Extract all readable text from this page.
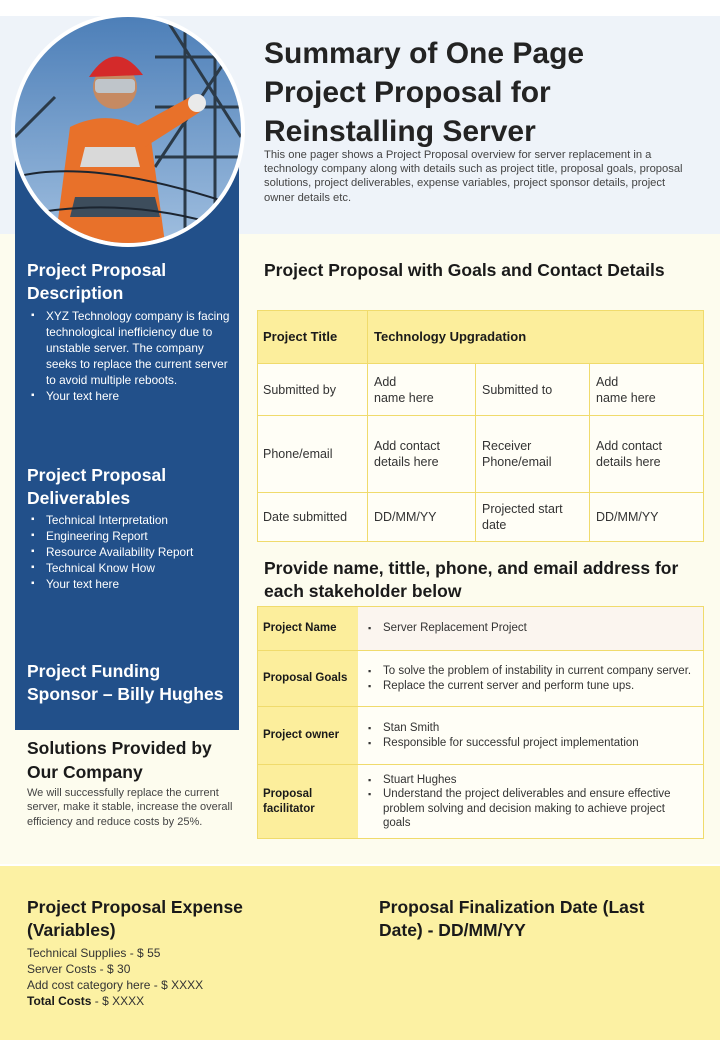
Summary of One Page Project Proposal for Reinstalling Server
This one pager shows a Project Proposal overview for server replacement in a technology company along with details such as project title, proposal goals, proposal solutions, project deliverables, expense variables, project sponsor details, project owner details etc.
Project Proposal Description
▪ XYZ Technology company is facing technological inefficiency due to unstable server. The company seeks to replace the current server to avoid multiple reboots.
▪ Your text here
Project Proposal Deliverables
▪ Technical Interpretation
▪ Engineering Report
▪ Resource Availability Report
▪ Technical Know How
▪ Your text here
Project Funding Sponsor – Billy Hughes
Solutions Provided by Our Company
We will successfully replace the current server, make it stable, increase the overall efficiency and reduce costs by 25%.
Project Proposal with Goals and Contact Details
Project Title	Technology Upgradation
Submitted by
Add
name here
Submitted to
Add
name here
Phone/email
Add contact details here
Receiver Phone/email
Add contact details here
Date submitted	DD/MM/YY
Projected start date
DD/MM/YY
Provide name, tittle, phone, and email address for each stakeholder below
Project Name
▪	Server Replacement Project
Proposal Goals
▪ To solve the problem of instability in current company server.
▪ Replace the current server and perform tune ups.
Project owner
▪ Stan Smith
▪ Responsible for successful project implementation
Proposal facilitator
▪ Stuart Hughes
▪ Understand the project deliverables and ensure effective problem solving and decision making to achieve project goals
Project Proposal Expense (Variables)
Technical Supplies - $ 55
Server Costs - $ 30
Add cost category here - $ XXXX
Total Costs - $ XXXX
Proposal Finalization Date (Last Date) - DD/MM/YY
